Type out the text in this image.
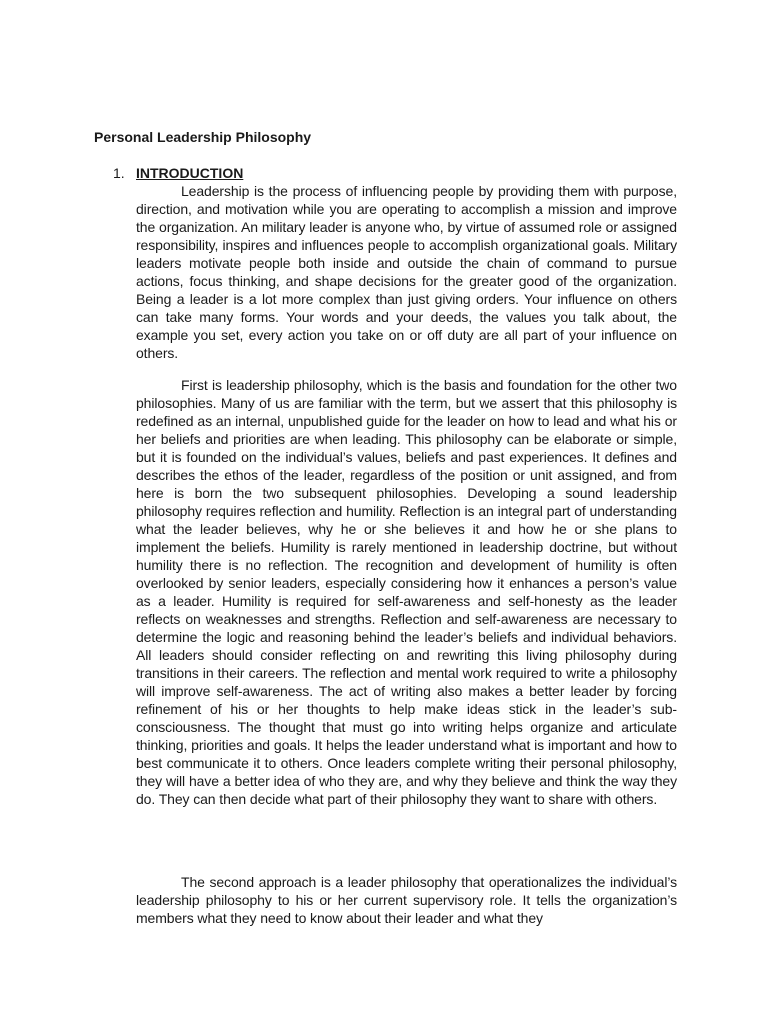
Personal Leadership Philosophy
1. INTRODUCTION

Leadership is the process of influencing people by providing them with purpose, direction, and motivation while you are operating to accomplish a mission and improve the organization. An military leader is anyone who, by virtue of assumed role or assigned responsibility, inspires and influences people to accomplish organizational goals. Military leaders motivate people both inside and outside the chain of command to pursue actions, focus thinking, and shape decisions for the greater good of the organization. Being a leader is a lot more complex than just giving orders. Your influence on others can take many forms. Your words and your deeds, the values you talk about, the example you set, every action you take on or off duty are all part of your influence on others.

First is leadership philosophy, which is the basis and foundation for the other two philosophies. Many of us are familiar with the term, but we assert that this philosophy is redefined as an internal, unpublished guide for the leader on how to lead and what his or her beliefs and priorities are when leading. This philosophy can be elaborate or simple, but it is founded on the individual’s values, beliefs and past experiences. It defines and describes the ethos of the leader, regardless of the position or unit assigned, and from here is born the two subsequent philosophies. Developing a sound leadership philosophy requires reflection and humility. Reflection is an integral part of understanding what the leader believes, why he or she believes it and how he or she plans to implement the beliefs. Humility is rarely mentioned in leadership doctrine, but without humility there is no reflection. The recognition and development of humility is often overlooked by senior leaders, especially considering how it enhances a person’s value as a leader. Humility is required for self-awareness and self-honesty as the leader reflects on weaknesses and strengths. Reflection and self-awareness are necessary to determine the logic and reasoning behind the leader’s beliefs and individual behaviors. All leaders should consider reflecting on and rewriting this living philosophy during transitions in their careers. The reflection and mental work required to write a philosophy will improve self-awareness. The act of writing also makes a better leader by forcing refinement of his or her thoughts to help make ideas stick in the leader’s sub-consciousness. The thought that must go into writing helps organize and articulate thinking, priorities and goals. It helps the leader understand what is important and how to best communicate it to others. Once leaders complete writing their personal philosophy, they will have a better idea of who they are, and why they believe and think the way they do. They can then decide what part of their philosophy they want to share with others.

The second approach is a leader philosophy that operationalizes the individual’s leadership philosophy to his or her current supervisory role. It tells the organization’s members what they need to know about their leader and what they
